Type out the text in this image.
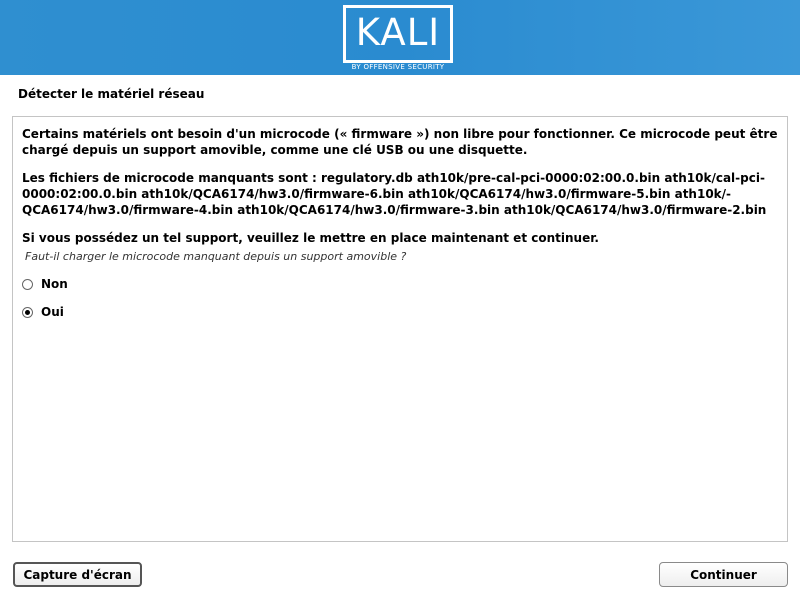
KALI
BY OFFENSIVE SECURITY
Détecter le matériel réseau
Certains matériels ont besoin d'un microcode (« firmware ») non libre pour fonctionner. Ce microcode peut être chargé depuis un support amovible, comme une clé USB ou une disquette.
Les fichiers de microcode manquants sont : regulatory.db ath10k/pre-cal-pci-0000:02:00.0.bin ath10k/cal-pci-0000:02:00.0.bin ath10k/QCA6174/hw3.0/firmware-6.bin ath10k/QCA6174/hw3.0/firmware-5.bin ath10k/-QCA6174/hw3.0/firmware-4.bin ath10k/QCA6174/hw3.0/firmware-3.bin ath10k/QCA6174/hw3.0/firmware-2.bin
Si vous possédez un tel support, veuillez le mettre en place maintenant et continuer.
Faut-il charger le microcode manquant depuis un support amovible ?
Non
Oui
Capture d'écran	Continuer
